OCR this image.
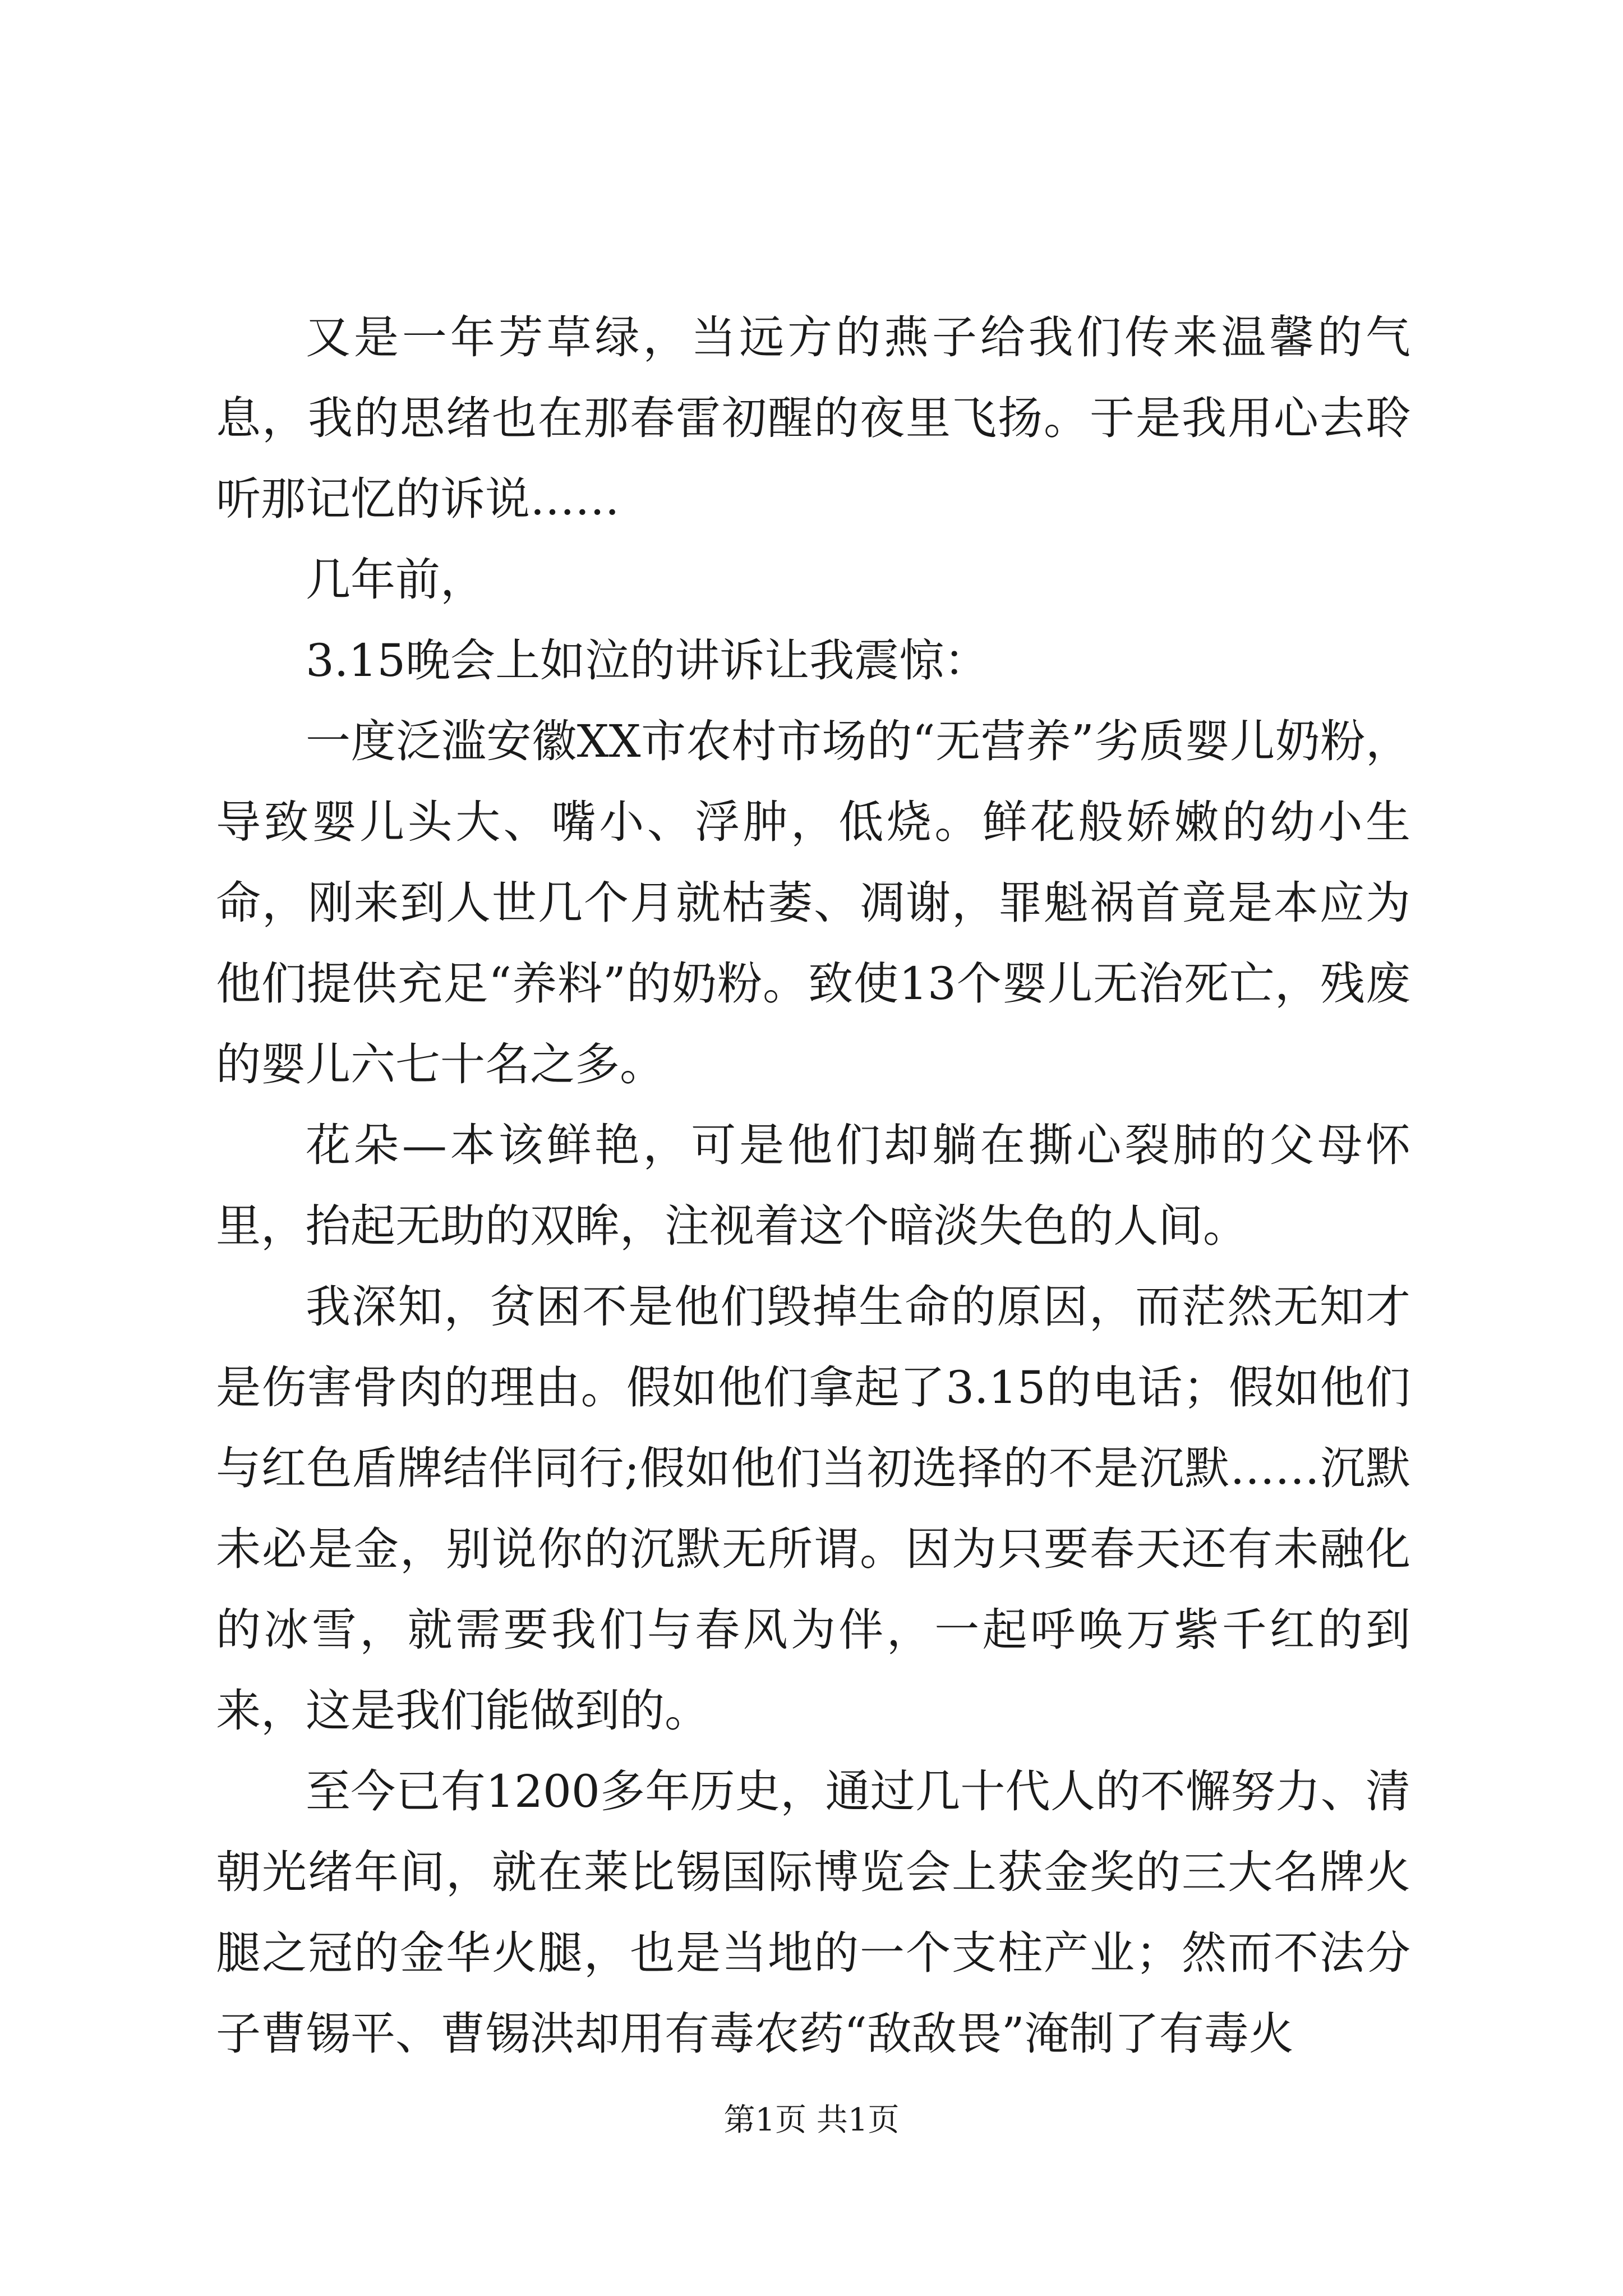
又是一年芳草绿，当远方的燕子给我们传来温馨的气息，我的思绪也在那春雷初醒的夜里飞扬。于是我用心去聆听那记忆的诉说……

几年前，

3.15晚会上如泣的讲诉让我震惊：

一度泛滥安徽XX市农村市场的“无营养”劣质婴儿奶粉，导致婴儿头大、嘴小、浮肿，低烧。鲜花般娇嫩的幼小生命，刚来到人世几个月就枯萎、凋谢，罪魁祸首竟是本应为他们提供充足“养料”的奶粉。致使13个婴儿无治死亡，残废的婴儿六七十名之多。

花朵—本该鲜艳，可是他们却躺在撕心裂肺的父母怀里，抬起无助的双眸，注视着这个暗淡失色的人间。

我深知，贫困不是他们毁掉生命的原因，而茫然无知才是伤害骨肉的理由。假如他们拿起了3.15的电话；假如他们与红色盾牌结伴同行;假如他们当初选择的不是沉默……沉默未必是金，别说你的沉默无所谓。因为只要春天还有未融化的冰雪，就需要我们与春风为伴，一起呼唤万紫千红的到来，这是我们能做到的。

至今已有1200多年历史，通过几十代人的不懈努力、清朝光绪年间，就在莱比锡国际博览会上获金奖的三大名牌火腿之冠的金华火腿，也是当地的一个支柱产业；然而不法分子曹锡平、曹锡洪却用有毒农药“敌敌畏”淹制了有毒火

第1页 共1页
